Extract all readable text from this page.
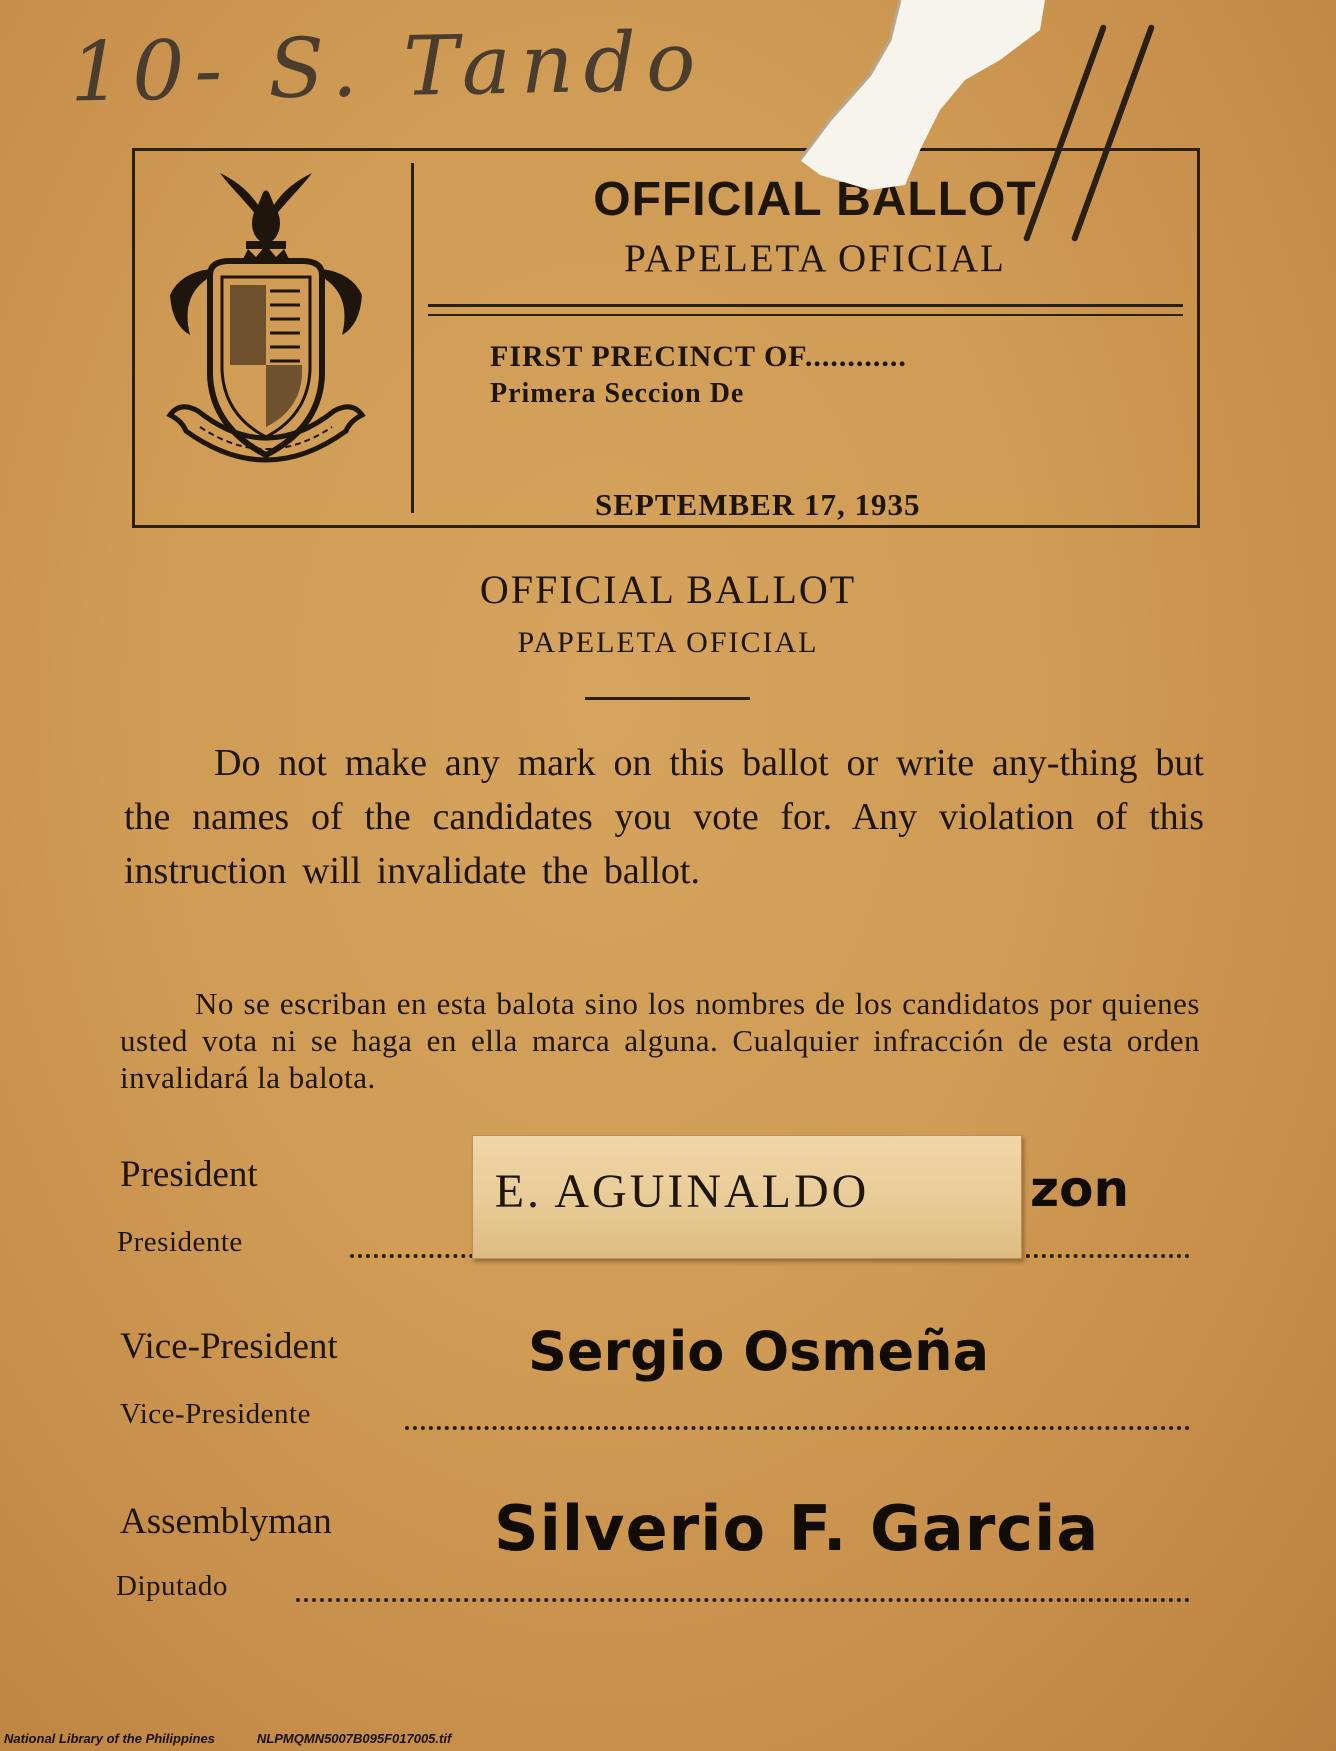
10- S. Tando
OFFICIAL BALLOT
PAPELETA OFICIAL
FIRST PRECINCT OF............
Primera Seccion De
SEPTEMBER 17, 1935
OFFICIAL BALLOT
PAPELETA OFICIAL
Do not make any mark on this ballot or write any-thing but the names of the candidates you vote for. Any violation of this instruction will invalidate the ballot.
No se escriban en esta balota sino los nombres de los candidatos por quienes usted vota ni se haga en ella marca alguna. Cualquier infracción de esta orden invalidará la balota.
President
Presidente
zon
E. AGUINALDO
Vice-President
Vice-Presidente
Sergio Osmeña
Assemblyman
Diputado
Silverio F. Garcia
National Library of the Philippines	NLPMQMN5007B095F017005.tif
